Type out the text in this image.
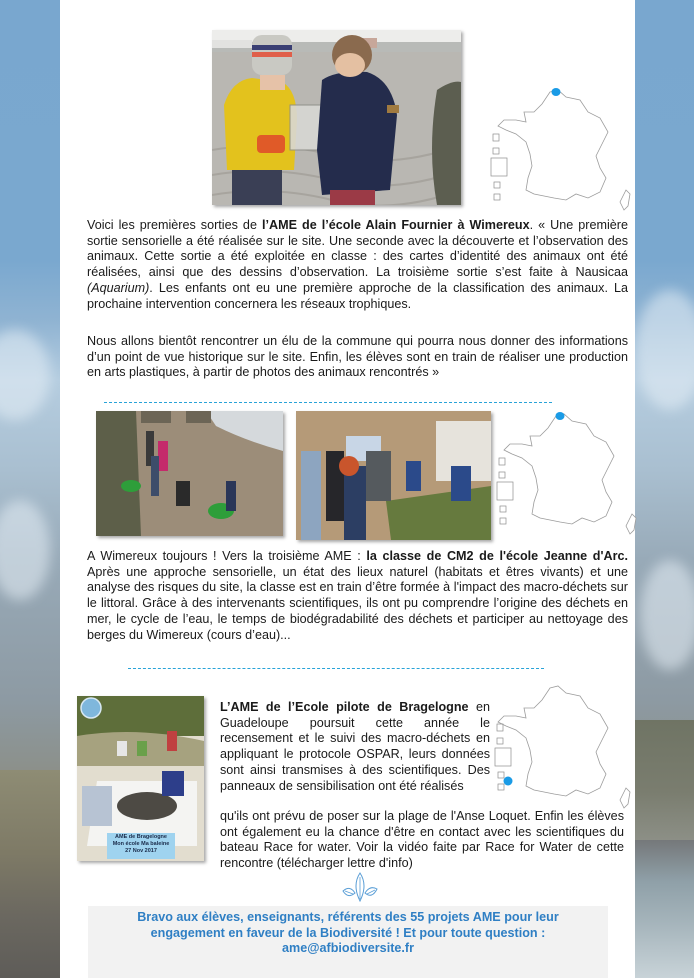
Voici les premières sorties de l’AME de l’école Alain Fournier à Wimereux. « Une première sortie sensorielle a été réalisée sur le site. Une seconde avec la découverte et l’observation des animaux. Cette sortie a été exploitée en classe : des cartes d’identité des animaux ont été réalisées, ainsi que des dessins d’observation. La troisième sortie s’est faite à Nausicaa (Aquarium). Les enfants ont eu une première approche de la classification des animaux. La prochaine intervention concernera les réseaux trophiques.
Nous allons bientôt rencontrer un élu de la commune qui pourra nous donner des informations d’un point de vue historique sur le site. Enfin, les élèves sont en train de réaliser une production en arts plastiques, à partir de photos des animaux rencontrés »
A Wimereux toujours ! Vers la troisième AME : la classe de CM2 de l'école Jeanne d'Arc. Après une approche sensorielle, un état des lieux naturel (habitats et êtres vivants) et une analyse des risques du site, la classe est en train d’être formée à l'impact des macro-déchets sur le littoral. Grâce à des intervenants scientifiques, ils ont pu comprendre l’origine des déchets en mer, le cycle de l’eau, le temps de biodégradabilité des déchets et participer au nettoyage des berges du Wimereux (cours d’eau)...
AME de Bragelogne
Mon école Ma baleine
27 Nov 2017
L’AME de l’Ecole pilote de Bragelogne en Guadeloupe poursuit cette année le recensement et le suivi des macro-déchets en appliquant le protocole OSPAR, leurs données sont ainsi transmises à des scientifiques. Des panneaux de sensibilisation ont été réalisés
qu'ils ont prévu de poser sur la plage de l'Anse Loquet. Enfin les élèves ont également eu la chance d'être en contact avec les scientifiques du bateau Race for water. Voir la vidéo faite par Race for Water de cette rencontre (télécharger lettre d'info)
Bravo aux élèves, enseignants, référents des 55 projets AME pour leur engagement en faveur de la Biodiversité ! Et pour toute question :
ame@afbiodiversite.fr
